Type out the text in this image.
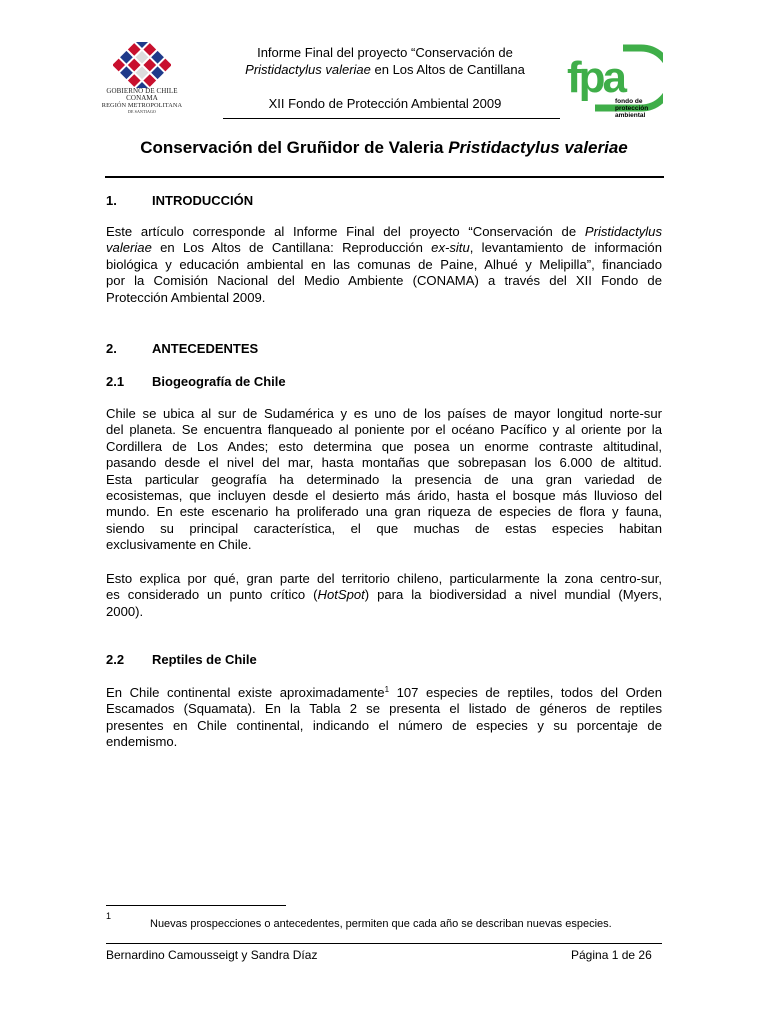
GOBIERNO DE CHILE
CONAMA
REGIÓN METROPOLITANA
DE SANTIAGO
Informe Final del proyecto “Conservación de
Pristidactylus valeriae en Los Altos de Cantillana
XII Fondo de Protección Ambiental 2009
fpa
fondo de
protección
ambiental
Conservación del Gruñidor de Valeria Pristidactylus valeriae
1.	INTRODUCCIÓN
Este artículo corresponde al Informe Final del proyecto “Conservación de Pristidactylus
valeriae en Los Altos de Cantillana: Reproducción ex-situ, levantamiento de información
biológica y educación ambiental en las comunas de Paine, Alhué y Melipilla”, financiado
por la Comisión Nacional del Medio Ambiente (CONAMA) a través del XII Fondo de
Protección Ambiental 2009.
2.	ANTECEDENTES
2.1 Biogeografía de Chile
Chile se ubica al sur de Sudamérica y es uno de los países de mayor longitud norte-sur
del planeta. Se encuentra flanqueado al poniente por el océano Pacífico y al oriente por la
Cordillera de Los Andes; esto determina que posea un enorme contraste altitudinal,
pasando desde el nivel del mar, hasta montañas que sobrepasan los 6.000 de altitud.
Esta particular geografía ha determinado la presencia de una gran variedad de
ecosistemas, que incluyen desde el desierto más árido, hasta el bosque más lluvioso del
mundo. En este escenario ha proliferado una gran riqueza de especies de flora y fauna,
siendo su principal característica, el que muchas de estas especies habitan
exclusivamente en Chile.
Esto explica por qué, gran parte del territorio chileno, particularmente la zona centro-sur,
es considerado un punto crítico (HotSpot) para la biodiversidad a nivel mundial (Myers,
2000).
2.2 Reptiles de Chile
En Chile continental existe aproximadamente$^1$ 107 especies de reptiles, todos del Orden
Escamados (Squamata). En la Tabla 2 se presenta el listado de géneros de reptiles
presentes en Chile continental, indicando el número de especies y su porcentaje de
endemismo.
1
Nuevas prospecciones o antecedentes, permiten que cada año se describan nuevas especies.
Bernardino Camousseigt y Sandra Díaz	Página 1 de 26
